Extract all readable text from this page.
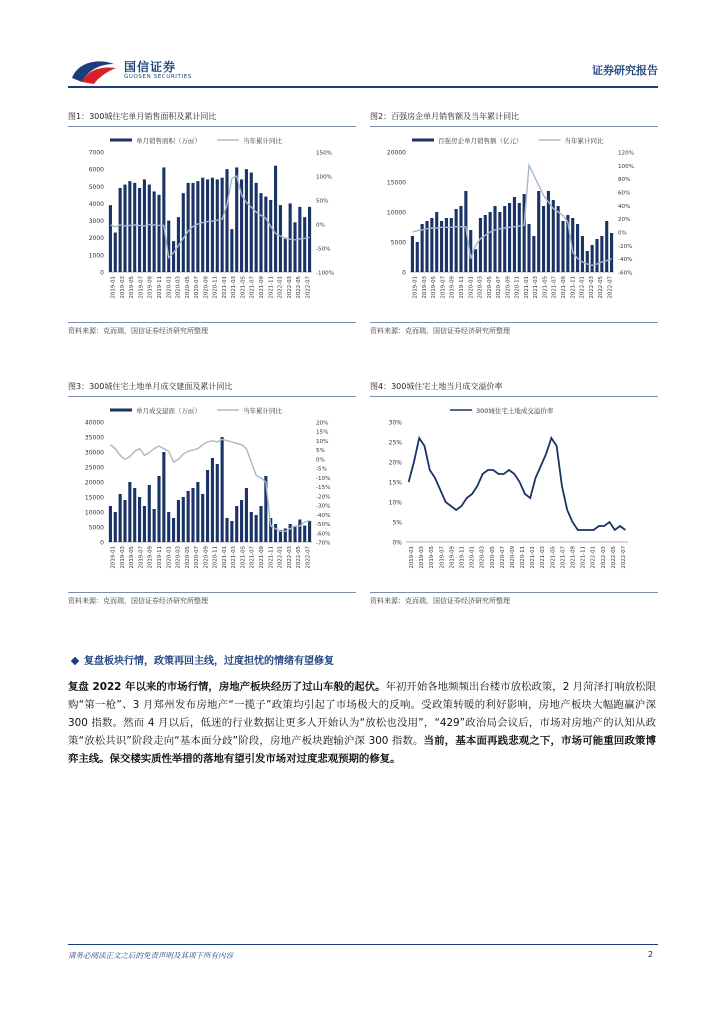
国信证券
GUOSEN SECURITIES	证券研究报告
图1：300城住宅单月销售面积及累计同比
单月销售面积（万㎡）	当年累计同比
7000
6000
5000
4000
3000
2000
1000
0
150%
100%
50%
0%
-50%
-100%
2019-01 2019-03 2019-05 2019-07 2019-09 2019-11 2020-01 2020-03 2020-05 2020-07 2020-09 2020-11 2021-01 2021-03 2021-05 2021-07 2021-09 2021-11 2022-01 2022-03 2022-05 2022-07
资料来源：克而瑞，国信证券经济研究所整理
图2：百强房企单月销售额及当年累计同比
百强房企单月销售额（亿元）	当年累计同比
20000
15000
10000
5000
0
120%
100%
80%
60%
40%
20%
0%
-20%
-40%
-60%
2019-01 2019-03 2019-05 2019-07 2019-09 2019-11 2020-01 2020-03 2020-05 2020-07 2020-09 2020-11 2021-01 2021-03 2021-05 2021-07 2021-09 2021-11 2022-01 2022-03 2022-05 2022-07
资料来源：克而瑞，国信证券经济研究所整理
图3：300城住宅土地单月成交建面及累计同比
单月成交建面（万㎡）	当年累计同比
40000
35000
30000
25000
20000
15000
10000
5000
0
20%
15%
10%
5%
0%
-5%
-10%
-15%
-20%
-30%
-40%
-50%
-60%
-70%
2019-01 2019-03 2019-05 2019-07 2019-09 2019-11 2020-01 2020-03 2020-05 2020-07 2020-09 2020-11 2021-01 2021-03 2021-05 2021-07 2021-09 2021-11 2022-01 2022-03 2022-05 2022-07
资料来源：克而瑞，国信证券经济研究所整理
图4：300城住宅土地当月成交溢价率
300城住宅土地成交溢价率
30%
25%
20%
15%
10%
5%
0%
2019-01 2019-03 2019-05 2019-07 2019-09 2019-11 2020-01 2020-03 2020-05 2020-07 2020-09 2020-11 2021-01 2021-03 2021-05 2021-07 2021-09 2021-11 2022-01 2022-03 2022-05 2022-07
资料来源：克而瑞，国信证券经济研究所整理
复盘板块行情，政策再回主线，过度担忧的情绪有望修复
复盘 2022 年以来的市场行情，房地产板块经历了过山车般的起伏。年初开始各地频频出台楼市放松政策，2 月菏泽打响放松限购“第一枪”、3 月郑州发布房地产“一揽子”政策均引起了市场极大的反响。受政策转暖的利好影响，房地产板块大幅跑赢沪深 300 指数。然而 4 月以后，低迷的行业数据让更多人开始认为“放松也没用”，“429”政治局会议后，市场对房地产的认知从政策“放松共识”阶段走向“基本面分歧”阶段，房地产板块跑输沪深 300 指数。当前，基本面再践悲观之下，市场可能重回政策博弈主线。保交楼实质性举措的落地有望引发市场对过度悲观预期的修复。
请务必阅读正文之后的免责声明及其项下所有内容	2
